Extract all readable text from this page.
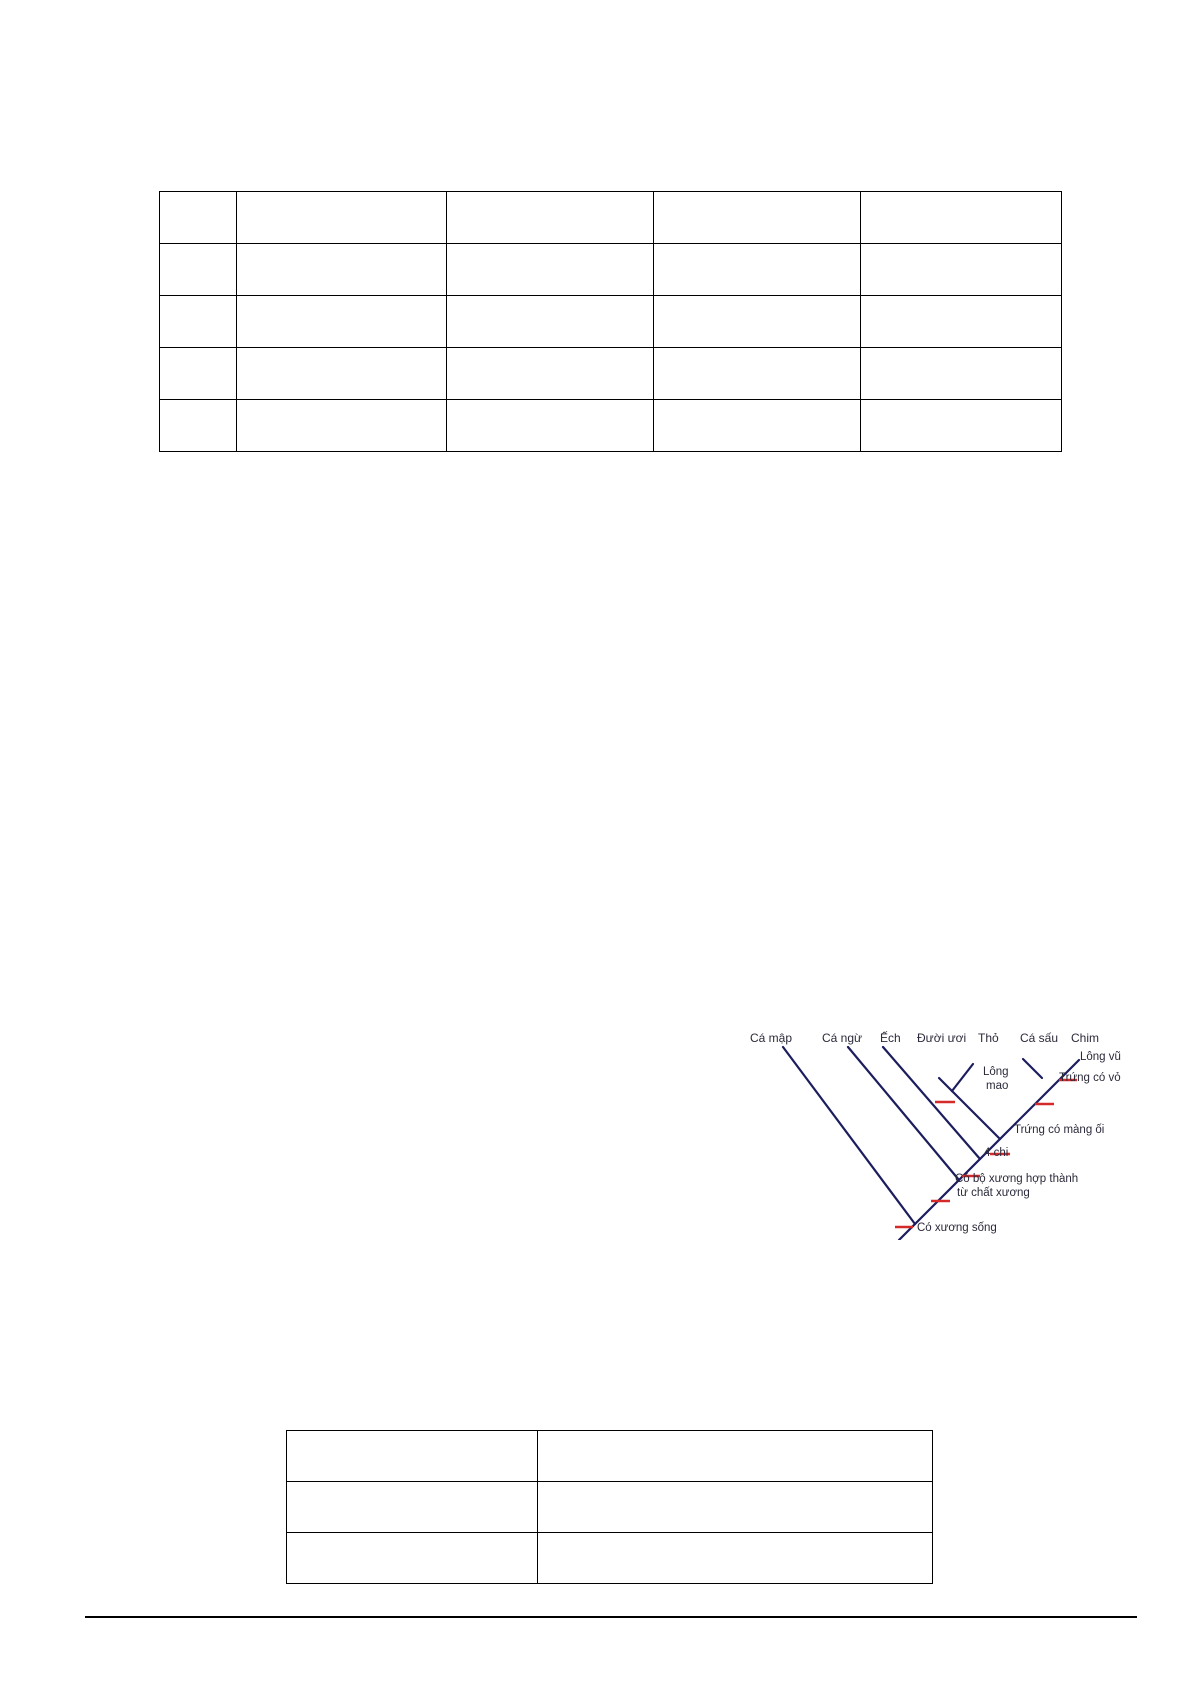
Cá mập Cá ngừ Ếch Đười ươi Thỏ Cá sấu Chim
Lông vũ
Lông
mao
Trứng có vỏ
Trứng có màng ối
4 chi
Có bộ xương hợp thành
từ chất xương
Có xương sống
